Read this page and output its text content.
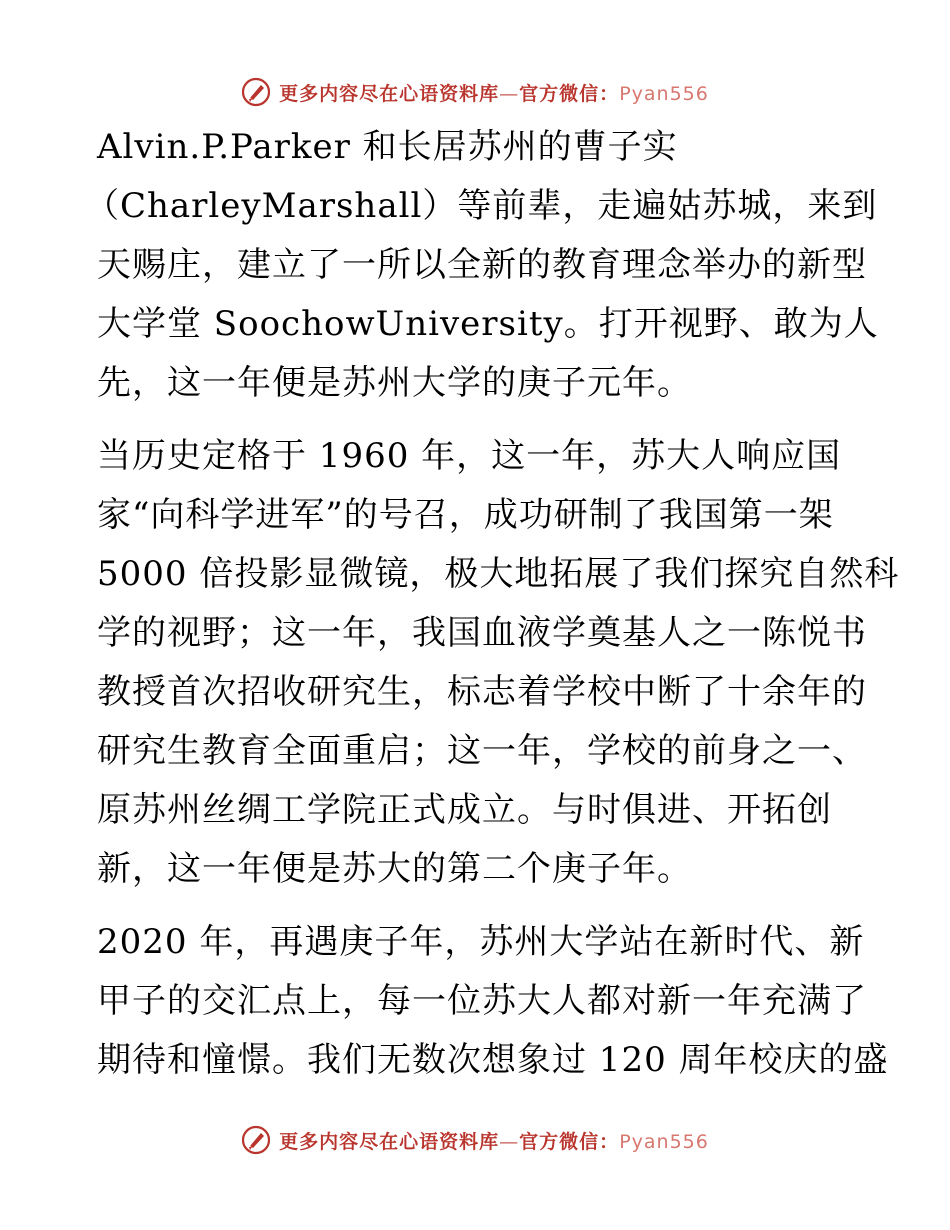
更多内容尽在心语资料库—官方微信：Pyan556
Alvin.P.Parker 和长居苏州的曹子实
（CharleyMarshall）等前辈，走遍姑苏城，来到
天赐庄，建立了一所以全新的教育理念举办的新型
大学堂 SoochowUniversity。打开视野、敢为人
先，这一年便是苏州大学的庚子元年。
当历史定格于 1960 年，这一年，苏大人响应国
家“向科学进军”的号召，成功研制了我国第一架
5000 倍投影显微镜，极大地拓展了我们探究自然科
学的视野；这一年，我国血液学奠基人之一陈悦书
教授首次招收研究生，标志着学校中断了十余年的
研究生教育全面重启；这一年，学校的前身之一、
原苏州丝绸工学院正式成立。与时俱进、开拓创
新，这一年便是苏大的第二个庚子年。
2020 年，再遇庚子年，苏州大学站在新时代、新
甲子的交汇点上，每一位苏大人都对新一年充满了
期待和憧憬。我们无数次想象过 120 周年校庆的盛
更多内容尽在心语资料库—官方微信：Pyan556
